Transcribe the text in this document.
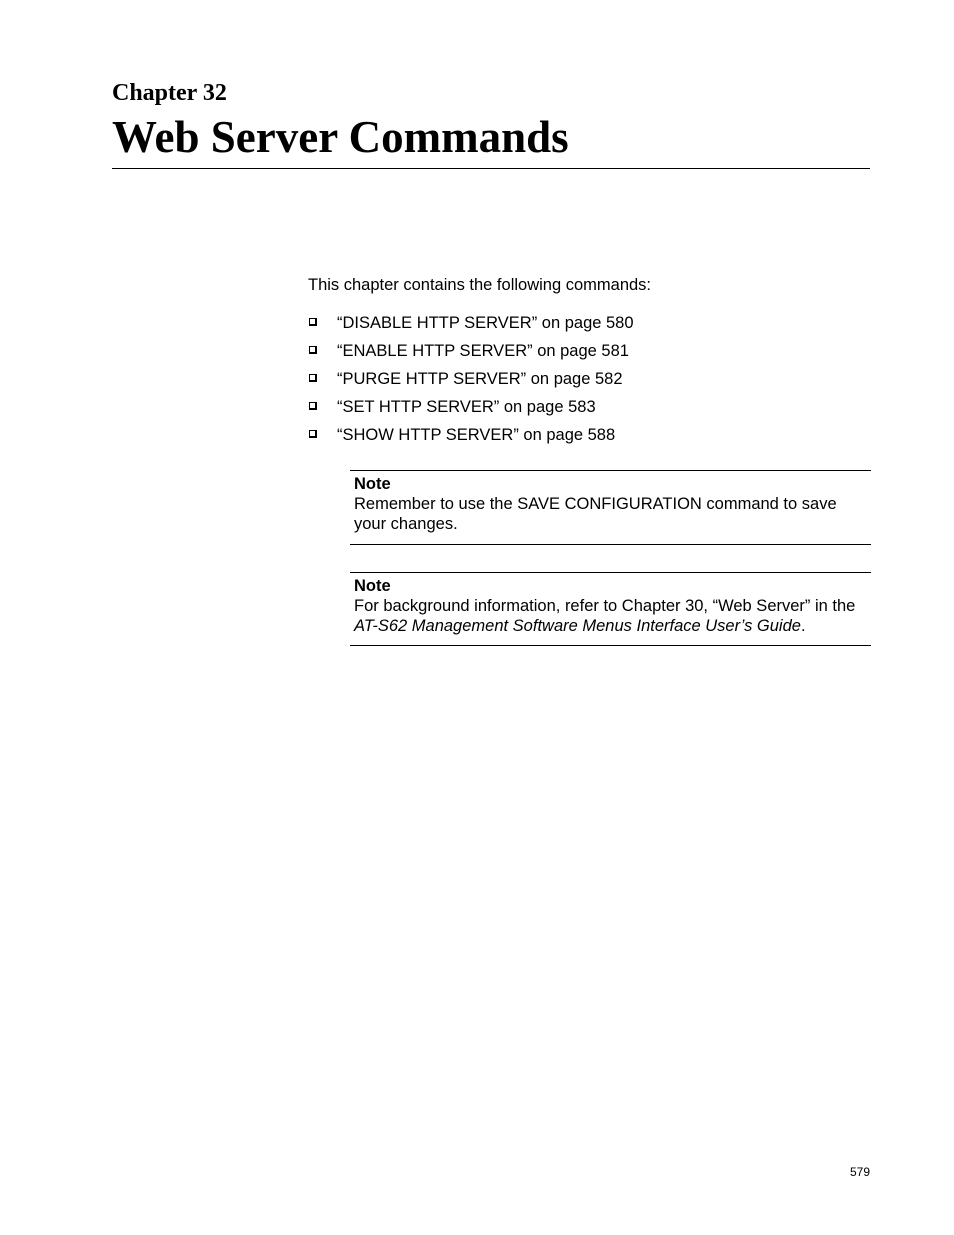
Chapter 32
Web Server Commands

This chapter contains the following commands:

“DISABLE HTTP SERVER” on page 580
“ENABLE HTTP SERVER” on page 581
“PURGE HTTP SERVER” on page 582
“SET HTTP SERVER” on page 583
“SHOW HTTP SERVER” on page 588
Note
Remember to use the SAVE CONFIGURATION command to save your changes.
Note
For background information, refer to Chapter 30, “Web Server” in the AT-S62 Management Software Menus Interface User’s Guide.
579
